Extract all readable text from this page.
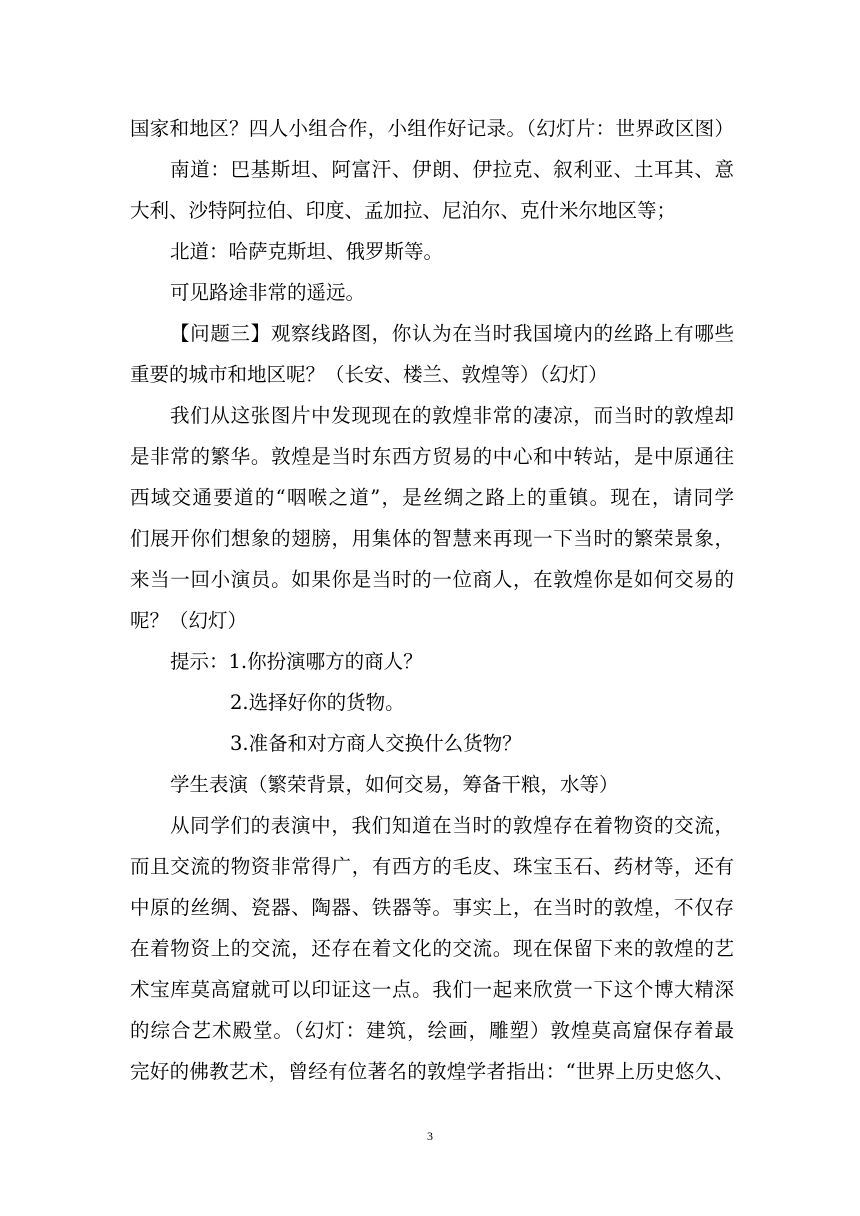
国家和地区？四人小组合作，小组作好记录。（幻灯片：世界政区图）
南道：巴基斯坦、阿富汗、伊朗、伊拉克、叙利亚、土耳其、意
大利、沙特阿拉伯、印度、孟加拉、尼泊尔、克什米尔地区等；
北道：哈萨克斯坦、俄罗斯等。
可见路途非常的遥远。
【问题三】观察线路图，你认为在当时我国境内的丝路上有哪些
重要的城市和地区呢？（长安、楼兰、敦煌等）（幻灯）
我们从这张图片中发现现在的敦煌非常的凄凉，而当时的敦煌却
是非常的繁华。敦煌是当时东西方贸易的中心和中转站，是中原通往
西域交通要道的“咽喉之道”，是丝绸之路上的重镇。现在，请同学
们展开你们想象的翅膀，用集体的智慧来再现一下当时的繁荣景象，
来当一回小演员。如果你是当时的一位商人，在敦煌你是如何交易的
呢？（幻灯）
提示：1.你扮演哪方的商人？
2.选择好你的货物。
3.准备和对方商人交换什么货物？
学生表演（繁荣背景，如何交易，筹备干粮，水等）
从同学们的表演中，我们知道在当时的敦煌存在着物资的交流，
而且交流的物资非常得广，有西方的毛皮、珠宝玉石、药材等，还有
中原的丝绸、瓷器、陶器、铁器等。事实上，在当时的敦煌，不仅存
在着物资上的交流，还存在着文化的交流。现在保留下来的敦煌的艺
术宝库莫高窟就可以印证这一点。我们一起来欣赏一下这个博大精深
的综合艺术殿堂。（幻灯：建筑，绘画，雕塑）敦煌莫高窟保存着最
完好的佛教艺术，曾经有位著名的敦煌学者指出：“世界上历史悠久、
3
